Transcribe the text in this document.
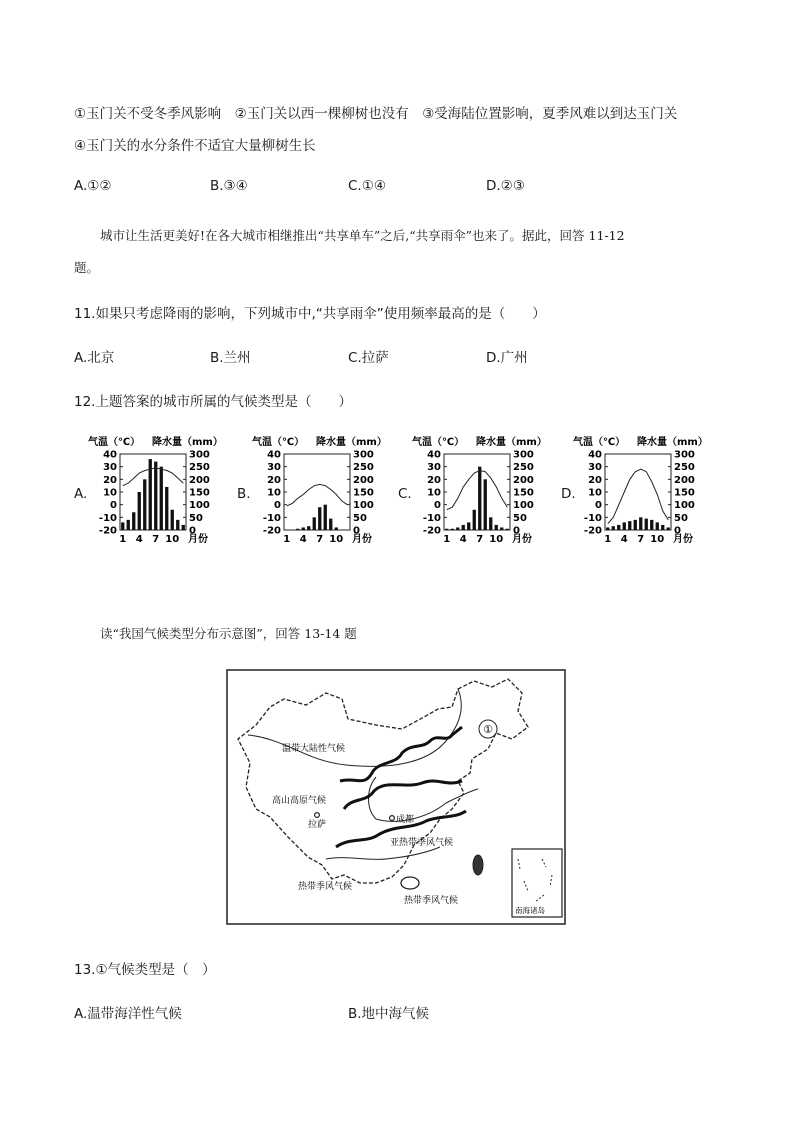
①玉门关不受冬季风影响　②玉门关以西一棵柳树也没有　③受海陆位置影响，夏季风难以到达玉门关
④玉门关的水分条件不适宜大量柳树生长
A.①②	B.③④	C.①④	D.②③
城市让生活更美好!在各大城市相继推出“共享单车”之后,“共享雨伞”也来了。据此，回答 11-12
题。
11.如果只考虑降雨的影响，下列城市中,“共享雨伞”使用频率最高的是（　　）
A.北京	B.兰州	C.拉萨	D.广州
12.上题答案的城市所属的气候类型是（　　）
A.	B.	C.	D.
气温（℃） 降水量（mm）
40
30
20
10
0
-10
-20
300
250
200
150
100
50
0
1 4 7 10 月份
气温（℃） 降水量（mm）
40
30
20
10
0
-10
-20
300
250
200
150
100
50
0
1 4 7 10 月份
气温（℃） 降水量（mm）
40
30
20
10
0
-10
-20
300
250
200
150
100
50
0
1 4 7 10 月份
气温（℃） 降水量（mm）
40
30
20
10
0
-10
-20
300
250
200
150
100
50
0
1 4 7 10 月份
读“我国气候类型分布示意图”，回答 13-14 题
①
温带大陆性气候
高山高原气候
拉萨	成都
亚热带季风气候
热带季风气候
热带季风气候
南海诸岛
13.①气候类型是（　）
A.温带海洋性气候	B.地中海气候
